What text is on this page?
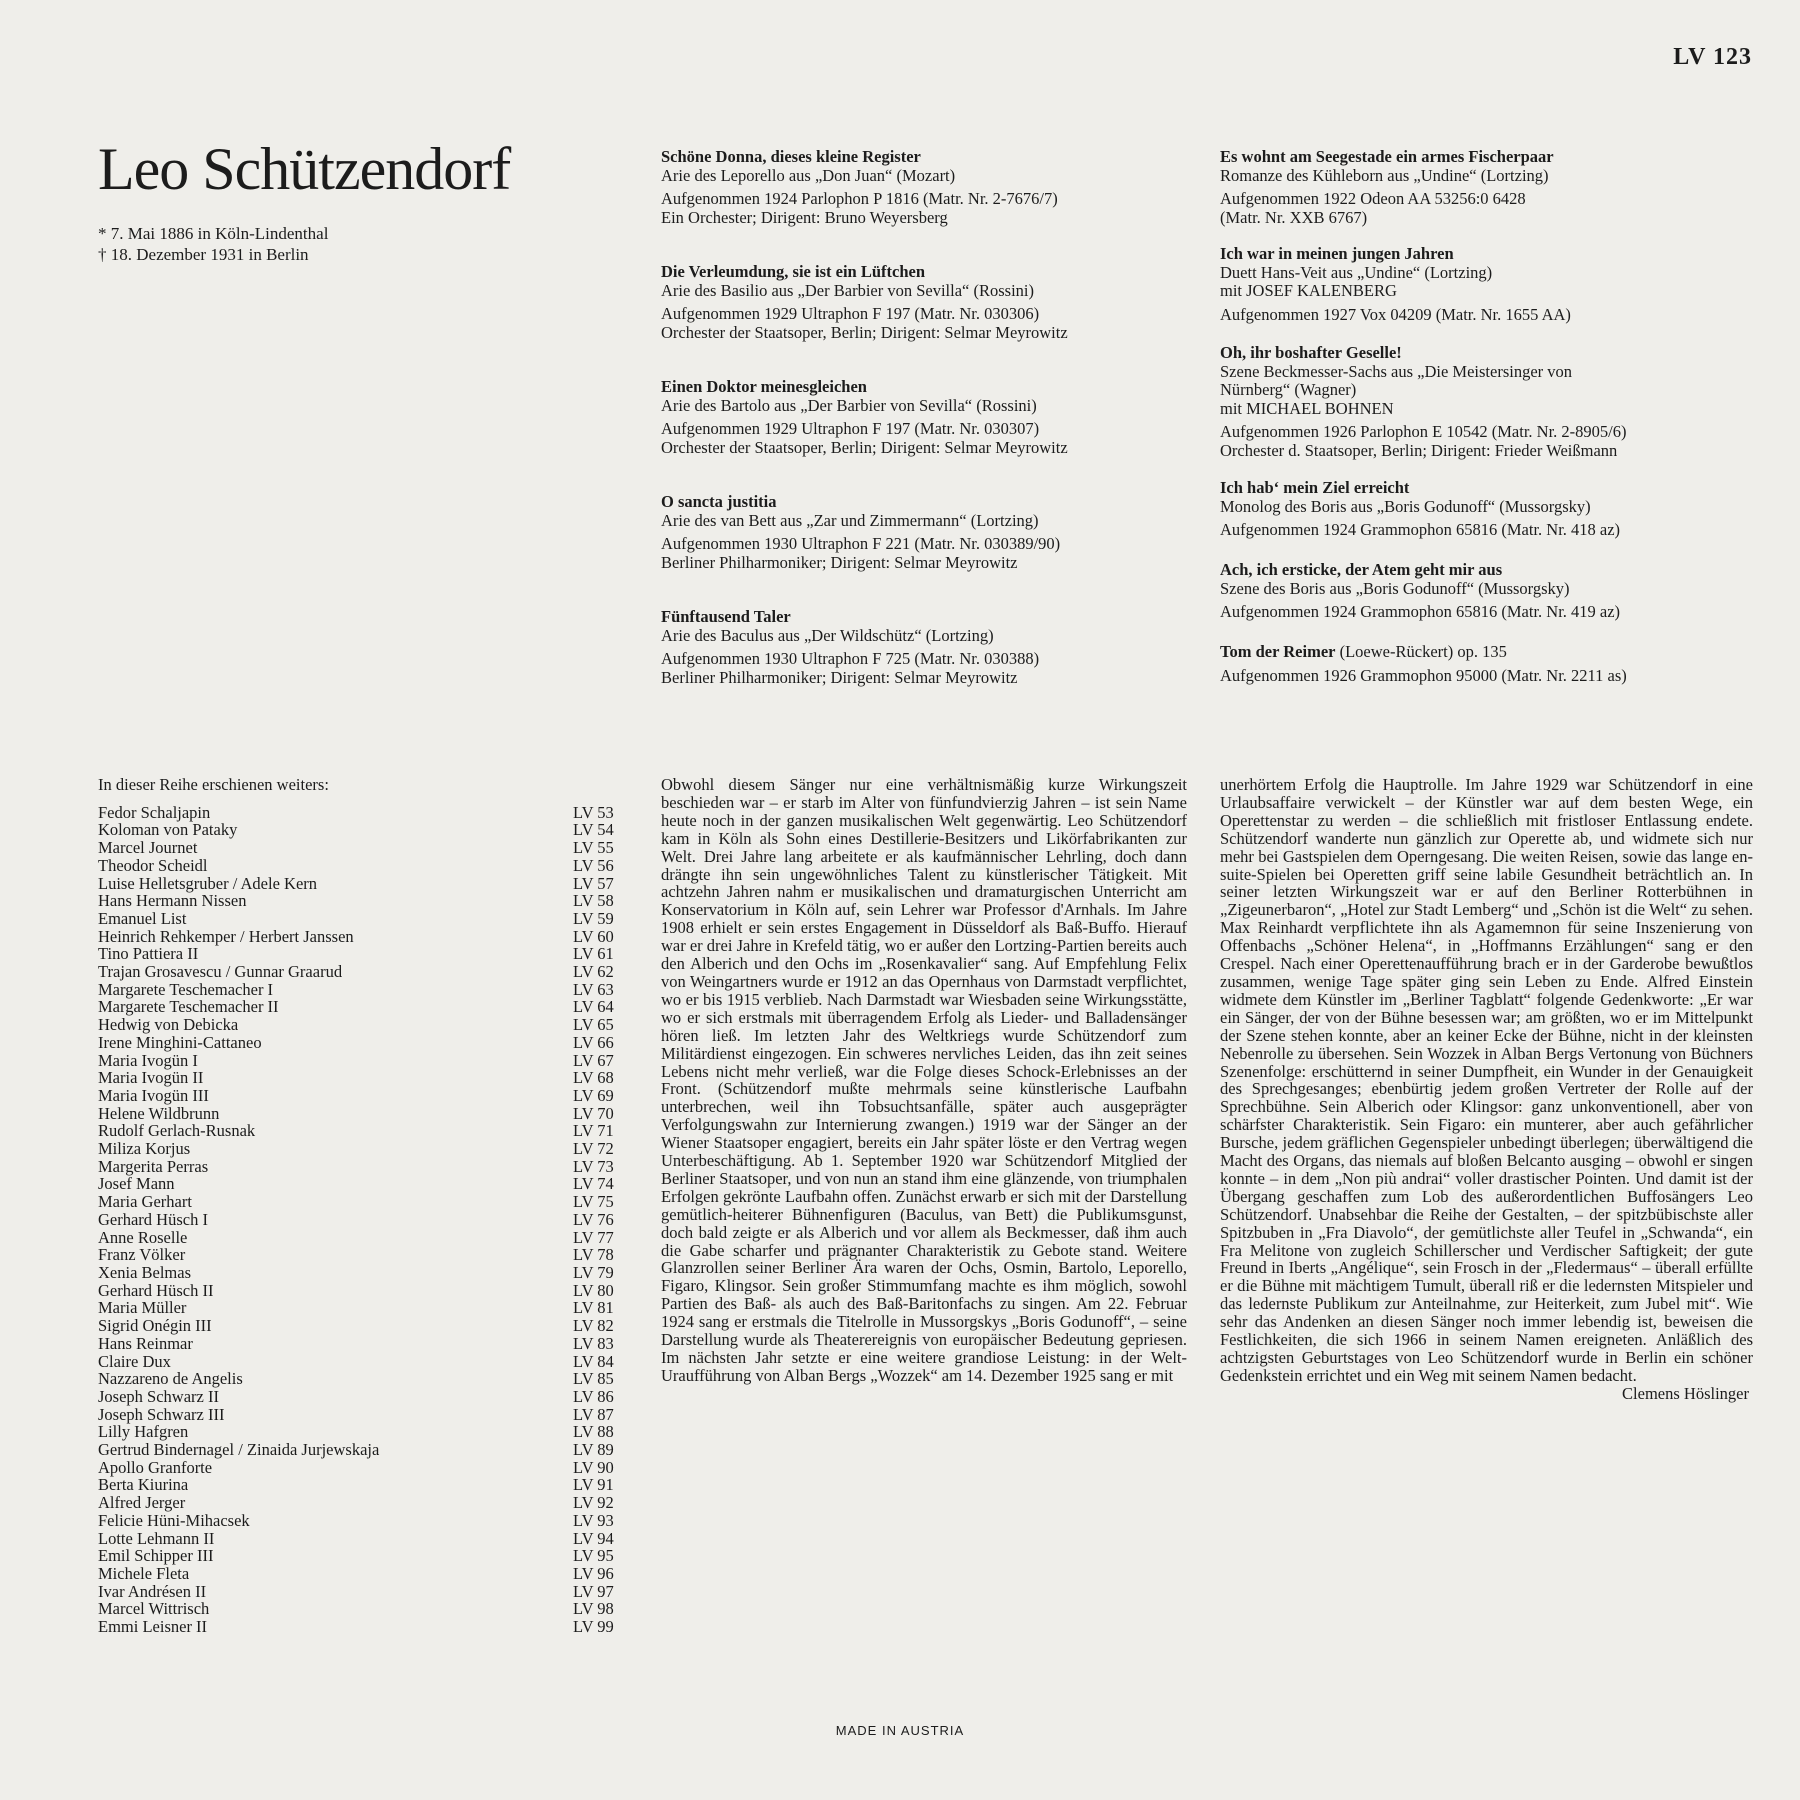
LV 123
Leo Schützendorf
* 7. Mai 1886 in Köln-Lindenthal
† 18. Dezember 1931 in Berlin
Schöne Donna, dieses kleine Register
Arie des Leporello aus „Don Juan“ (Mozart)
Aufgenommen 1924 Parlophon P 1816 (Matr. Nr. 2-7676/7)
Ein Orchester; Dirigent: Bruno Weyersberg
Die Verleumdung, sie ist ein Lüftchen
Arie des Basilio aus „Der Barbier von Sevilla“ (Rossini)
Aufgenommen 1929 Ultraphon F 197 (Matr. Nr. 030306)
Orchester der Staatsoper, Berlin; Dirigent: Selmar Meyrowitz
Einen Doktor meinesgleichen
Arie des Bartolo aus „Der Barbier von Sevilla“ (Rossini)
Aufgenommen 1929 Ultraphon F 197 (Matr. Nr. 030307)
Orchester der Staatsoper, Berlin; Dirigent: Selmar Meyrowitz
O sancta justitia
Arie des van Bett aus „Zar und Zimmermann“ (Lortzing)
Aufgenommen 1930 Ultraphon F 221 (Matr. Nr. 030389/90)
Berliner Philharmoniker; Dirigent: Selmar Meyrowitz
Fünftausend Taler
Arie des Baculus aus „Der Wildschütz“ (Lortzing)
Aufgenommen 1930 Ultraphon F 725 (Matr. Nr. 030388)
Berliner Philharmoniker; Dirigent: Selmar Meyrowitz
Es wohnt am Seegestade ein armes Fischerpaar
Romanze des Kühleborn aus „Undine“ (Lortzing)
Aufgenommen 1922 Odeon AA 53256:0 6428
(Matr. Nr. XXB 6767)
Ich war in meinen jungen Jahren
Duett Hans-Veit aus „Undine“ (Lortzing)
mit JOSEF KALENBERG
Aufgenommen 1927 Vox 04209 (Matr. Nr. 1655 AA)
Oh, ihr boshafter Geselle!
Szene Beckmesser-Sachs aus „Die Meistersinger von
Nürnberg“ (Wagner)
mit MICHAEL BOHNEN
Aufgenommen 1926 Parlophon E 10542 (Matr. Nr. 2-8905/6)
Orchester d. Staatsoper, Berlin; Dirigent: Frieder Weißmann
Ich hab‘ mein Ziel erreicht
Monolog des Boris aus „Boris Godunoff“ (Mussorgsky)
Aufgenommen 1924 Grammophon 65816 (Matr. Nr. 418 az)
Ach, ich ersticke, der Atem geht mir aus
Szene des Boris aus „Boris Godunoff“ (Mussorgsky)
Aufgenommen 1924 Grammophon 65816 (Matr. Nr. 419 az)
Tom der Reimer (Loewe-Rückert) op. 135
Aufgenommen 1926 Grammophon 95000 (Matr. Nr. 2211 as)
In dieser Reihe erschienen weiters:
Fedor Schaljapin	LV 53
Koloman von Pataky	LV 54
Marcel Journet	LV 55
Theodor Scheidl	LV 56
Luise Helletsgruber / Adele Kern	LV 57
Hans Hermann Nissen	LV 58
Emanuel List	LV 59
Heinrich Rehkemper / Herbert Janssen	LV 60
Tino Pattiera II	LV 61
Trajan Grosavescu / Gunnar Graarud	LV 62
Margarete Teschemacher I	LV 63
Margarete Teschemacher II	LV 64
Hedwig von Debicka	LV 65
Irene Minghini-Cattaneo	LV 66
Maria Ivogün I	LV 67
Maria Ivogün II	LV 68
Maria Ivogün III	LV 69
Helene Wildbrunn	LV 70
Rudolf Gerlach-Rusnak	LV 71
Miliza Korjus	LV 72
Margerita Perras	LV 73
Josef Mann	LV 74
Maria Gerhart	LV 75
Gerhard Hüsch I	LV 76
Anne Roselle	LV 77
Franz Völker	LV 78
Xenia Belmas	LV 79
Gerhard Hüsch II	LV 80
Maria Müller	LV 81
Sigrid Onégin III	LV 82
Hans Reinmar	LV 83
Claire Dux	LV 84
Nazzareno de Angelis	LV 85
Joseph Schwarz II	LV 86
Joseph Schwarz III	LV 87
Lilly Hafgren	LV 88
Gertrud Bindernagel / Zinaida Jurjewskaja	LV 89
Apollo Granforte	LV 90
Berta Kiurina	LV 91
Alfred Jerger	LV 92
Felicie Hüni-Mihacsek	LV 93
Lotte Lehmann II	LV 94
Emil Schipper III	LV 95
Michele Fleta	LV 96
Ivar Andrésen II	LV 97
Marcel Wittrisch	LV 98
Emmi Leisner II	LV 99
Obwohl diesem Sänger nur eine verhältnismäßig kurze Wirkungszeit beschieden war – er starb im Alter von fünfundvierzig Jahren – ist sein Name heute noch in der ganzen musikalischen Welt gegenwärtig. Leo Schützendorf kam in Köln als Sohn eines Destillerie-Besitzers und Likörfabrikanten zur Welt. Drei Jahre lang arbeitete er als kaufmännischer Lehrling, doch dann drängte ihn sein ungewöhnliches Talent zu künstlerischer Tätigkeit. Mit achtzehn Jahren nahm er musikalischen und dramaturgischen Unterricht am Konservatorium in Köln auf, sein Lehrer war Professor d'Arnhals. Im Jahre 1908 erhielt er sein erstes Engagement in Düsseldorf als Baß-Buffo. Hierauf war er drei Jahre in Krefeld tätig, wo er außer den Lortzing-Partien bereits auch den Alberich und den Ochs im „Rosenkavalier“ sang. Auf Empfehlung Felix von Weingartners wurde er 1912 an das Opernhaus von Darmstadt verpflichtet, wo er bis 1915 verblieb. Nach Darmstadt war Wiesbaden seine Wirkungsstätte, wo er sich erstmals mit überragendem Erfolg als Lieder- und Balladensänger hören ließ. Im letzten Jahr des Weltkriegs wurde Schützendorf zum Militärdienst eingezogen. Ein schweres nervliches Leiden, das ihn zeit seines Lebens nicht mehr verließ, war die Folge dieses Schock-Erlebnisses an der Front. (Schützendorf mußte mehrmals seine künstlerische Laufbahn unterbrechen, weil ihn Tobsuchtsanfälle, später auch ausgeprägter Verfolgungswahn zur Internierung zwangen.) 1919 war der Sänger an der Wiener Staatsoper engagiert, bereits ein Jahr später löste er den Vertrag wegen Unterbeschäftigung. Ab 1. September 1920 war Schützendorf Mitglied der Berliner Staatsoper, und von nun an stand ihm eine glänzende, von triumphalen Erfolgen gekrönte Laufbahn offen. Zunächst erwarb er sich mit der Darstellung gemütlich-heiterer Bühnenfiguren (Baculus, van Bett) die Publikumsgunst, doch bald zeigte er als Alberich und vor allem als Beckmesser, daß ihm auch die Gabe scharfer und prägnanter Charakteristik zu Gebote stand. Weitere Glanzrollen seiner Berliner Ära waren der Ochs, Osmin, Bartolo, Leporello, Figaro, Klingsor. Sein großer Stimmumfang machte es ihm möglich, sowohl Partien des Baß- als auch des Baß-Baritonfachs zu singen. Am 22. Februar 1924 sang er erstmals die Titelrolle in Mussorgskys „Boris Godunoff“, – seine Darstellung wurde als Theaterereignis von europäischer Bedeutung gepriesen. Im nächsten Jahr setzte er eine weitere grandiose Leistung: in der Welt-Uraufführung von Alban Bergs „Wozzek“ am 14. Dezember 1925 sang er mit
unerhörtem Erfolg die Hauptrolle. Im Jahre 1929 war Schützendorf in eine Urlaubsaffaire verwickelt – der Künstler war auf dem besten Wege, ein Operettenstar zu werden – die schließlich mit fristloser Entlassung endete. Schützendorf wanderte nun gänzlich zur Operette ab, und widmete sich nur mehr bei Gastspielen dem Operngesang. Die weiten Reisen, sowie das lange en-suite-Spielen bei Operetten griff seine labile Gesundheit beträchtlich an. In seiner letzten Wirkungszeit war er auf den Berliner Rotterbühnen in „Zigeunerbaron“, „Hotel zur Stadt Lemberg“ und „Schön ist die Welt“ zu sehen. Max Reinhardt verpflichtete ihn als Agamemnon für seine Inszenierung von Offenbachs „Schöner Helena“, in „Hoffmanns Erzählungen“ sang er den Crespel. Nach einer Operettenaufführung brach er in der Garderobe bewußtlos zusammen, wenige Tage später ging sein Leben zu Ende. Alfred Einstein widmete dem Künstler im „Berliner Tagblatt“ folgende Gedenkworte: „Er war ein Sänger, der von der Bühne besessen war; am größten, wo er im Mittelpunkt der Szene stehen konnte, aber an keiner Ecke der Bühne, nicht in der kleinsten Nebenrolle zu übersehen. Sein Wozzek in Alban Bergs Vertonung von Büchners Szenenfolge: erschütternd in seiner Dumpfheit, ein Wunder in der Genauigkeit des Sprechgesanges; ebenbürtig jedem großen Vertreter der Rolle auf der Sprechbühne. Sein Alberich oder Klingsor: ganz unkonventionell, aber von schärfster Charakteristik. Sein Figaro: ein munterer, aber auch gefährlicher Bursche, jedem gräflichen Gegenspieler unbedingt überlegen; überwältigend die Macht des Organs, das niemals auf bloßen Belcanto ausging – obwohl er singen konnte – in dem „Non più andrai“ voller drastischer Pointen. Und damit ist der Übergang geschaffen zum Lob des außerordentlichen Buffosängers Leo Schützendorf. Unabsehbar die Reihe der Gestalten, – der spitzbübischste aller Spitzbuben in „Fra Diavolo“, der gemütlichste aller Teufel in „Schwanda“, ein Fra Melitone von zugleich Schillerscher und Verdischer Saftigkeit; der gute Freund in Iberts „Angélique“, sein Frosch in der „Fledermaus“ – überall erfüllte er die Bühne mit mächtigem Tumult, überall riß er die ledernsten Mitspieler und das ledernste Publikum zur Anteilnahme, zur Heiterkeit, zum Jubel mit“. Wie sehr das Andenken an diesen Sänger noch immer lebendig ist, beweisen die Festlichkeiten, die sich 1966 in seinem Namen ereigneten. Anläßlich des achtzigsten Geburtstages von Leo Schützendorf wurde in Berlin ein schöner Gedenkstein errichtet und ein Weg mit seinem Namen bedacht.
Clemens Höslinger
MADE IN AUSTRIA
